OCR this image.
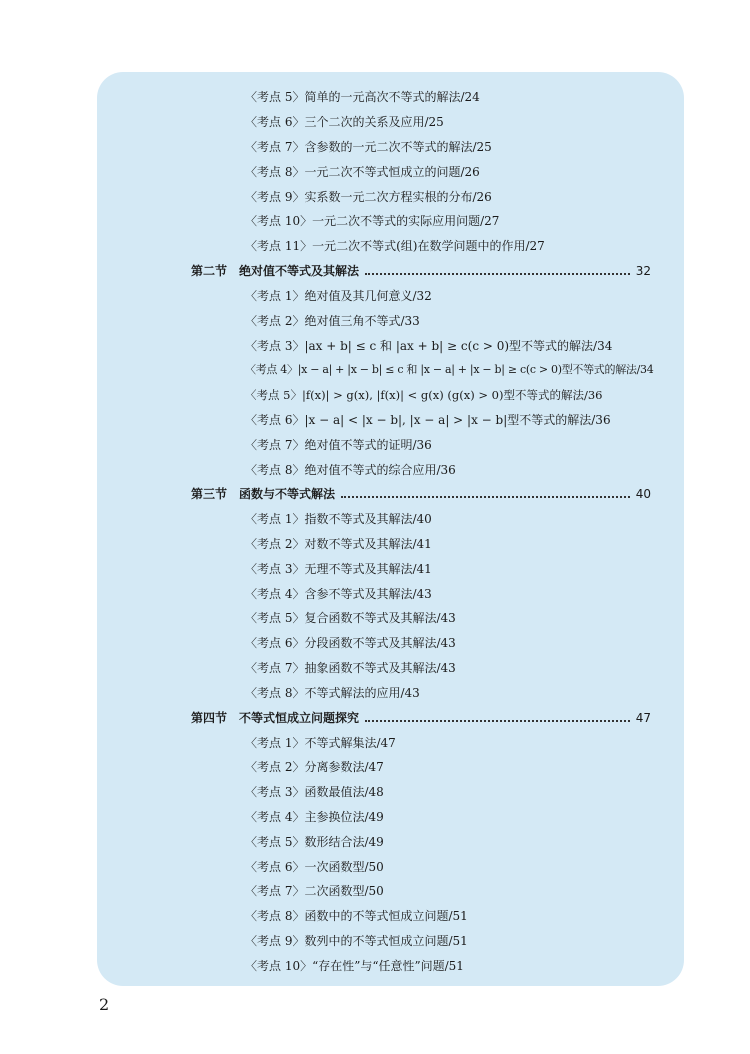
〈考点 5〉简单的一元高次不等式的解法/24
〈考点 6〉三个二次的关系及应用/25
〈考点 7〉含参数的一元二次不等式的解法/25
〈考点 8〉一元二次不等式恒成立的问题/26
〈考点 9〉实系数一元二次方程实根的分布/26
〈考点 10〉一元二次不等式的实际应用问题/27
〈考点 11〉一元二次不等式(组)在数学问题中的作用/27
第二节 绝对值不等式及其解法	32
〈考点 1〉绝对值及其几何意义/32
〈考点 2〉绝对值三角不等式/33
〈考点 3〉|ax + b| ≤ c 和 |ax + b| ≥ c(c > 0)型不等式的解法/34
〈考点 4〉|x − a| + |x − b| ≤ c 和 |x − a| + |x − b| ≥ c(c > 0)型不等式的解法/34
〈考点 5〉|f(x)| > g(x), |f(x)| < g(x) (g(x) > 0)型不等式的解法/36
〈考点 6〉|x − a| < |x − b|, |x − a| > |x − b|型不等式的解法/36
〈考点 7〉绝对值不等式的证明/36
〈考点 8〉绝对值不等式的综合应用/36
第三节 函数与不等式解法	40
〈考点 1〉指数不等式及其解法/40
〈考点 2〉对数不等式及其解法/41
〈考点 3〉无理不等式及其解法/41
〈考点 4〉含参不等式及其解法/43
〈考点 5〉复合函数不等式及其解法/43
〈考点 6〉分段函数不等式及其解法/43
〈考点 7〉抽象函数不等式及其解法/43
〈考点 8〉不等式解法的应用/43
第四节 不等式恒成立问题探究	47
〈考点 1〉不等式解集法/47
〈考点 2〉分离参数法/47
〈考点 3〉函数最值法/48
〈考点 4〉主参换位法/49
〈考点 5〉数形结合法/49
〈考点 6〉一次函数型/50
〈考点 7〉二次函数型/50
〈考点 8〉函数中的不等式恒成立问题/51
〈考点 9〉数列中的不等式恒成立问题/51
〈考点 10〉“存在性”与“任意性”问题/51
2
